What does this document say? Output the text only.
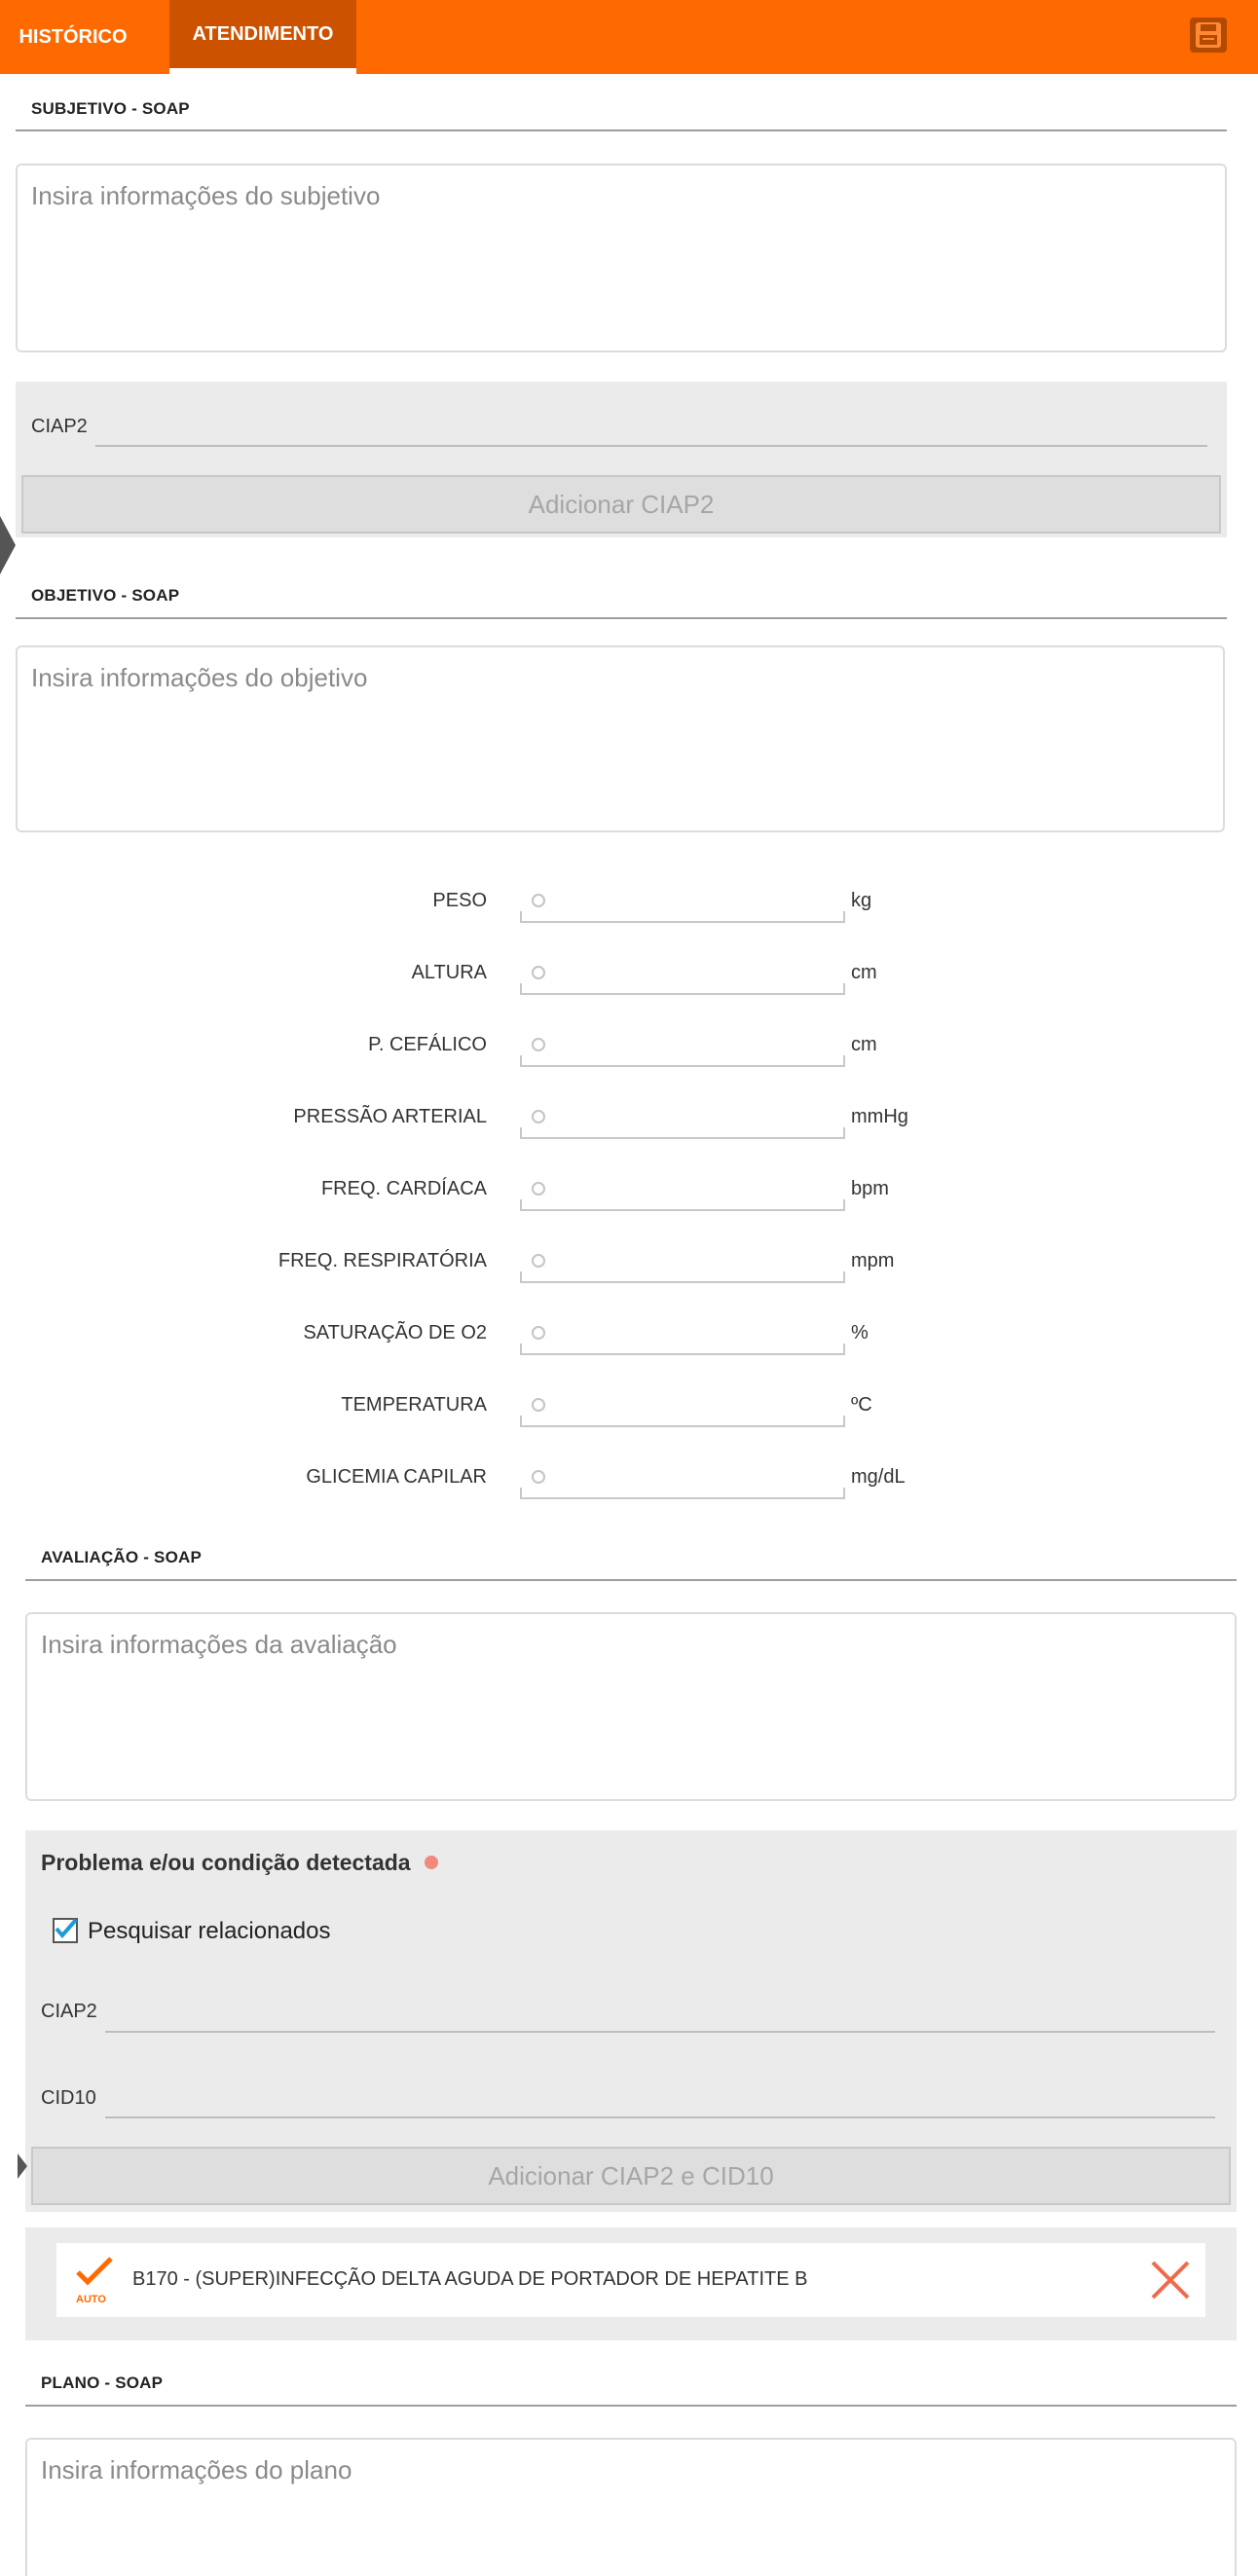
HISTÓRICO	ATENDIMENTO
SUBJETIVO - SOAP
Insira informações do subjetivo
CIAP2
Adicionar CIAP2
OBJETIVO - SOAP
Insira informações do objetivo
PESO	kg
ALTURA	cm
P. CEFÁLICO	cm
PRESSÃO ARTERIAL	mmHg
FREQ. CARDÍACA	bpm
FREQ. RESPIRATÓRIA	mpm
SATURAÇÃO DE O2	%
TEMPERATURA	ºC
GLICEMIA CAPILAR	mg/dL
AVALIAÇÃO - SOAP
Insira informações da avaliação
Problema e/ou condição detectada
Pesquisar relacionados
CIAP2
CID10
Adicionar CIAP2 e CID10
AUTO
B170 - (SUPER)INFECÇÃO DELTA AGUDA DE PORTADOR DE HEPATITE B
PLANO - SOAP
Insira informações do plano
